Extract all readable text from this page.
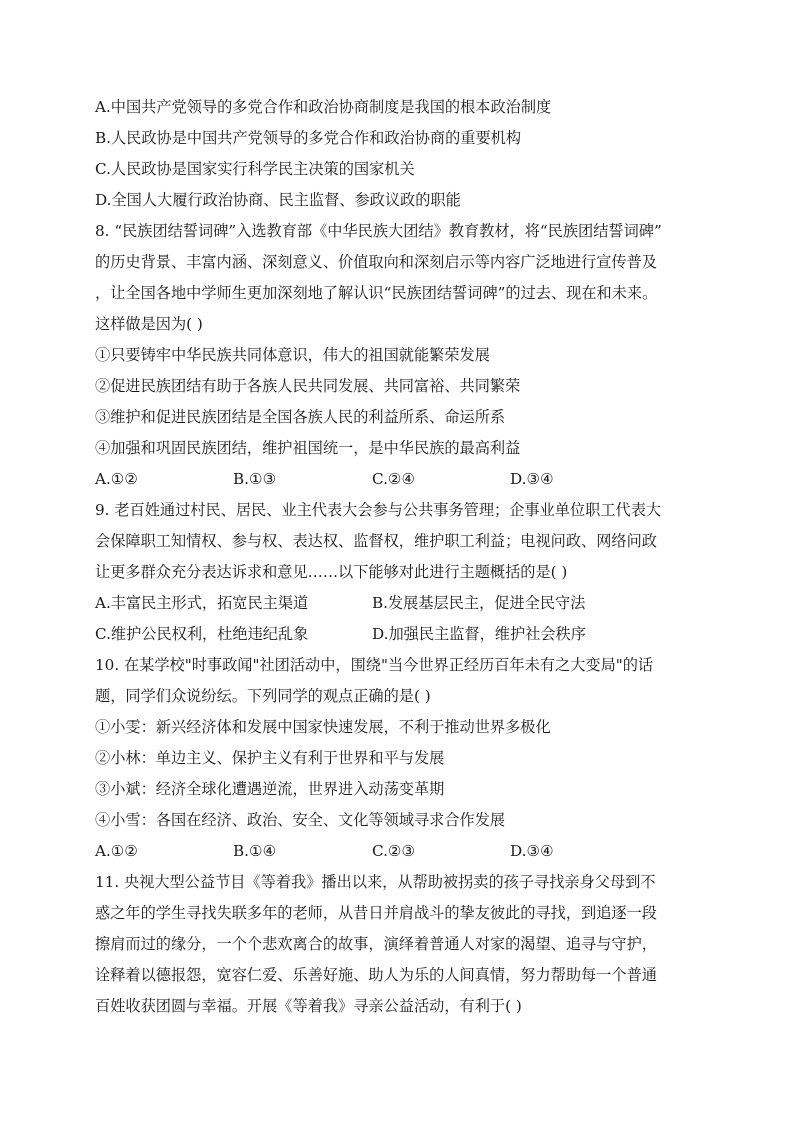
A.中国共产党领导的多党合作和政治协商制度是我国的根本政治制度
B.人民政协是中国共产党领导的多党合作和政治协商的重要机构
C.人民政协是国家实行科学民主决策的国家机关
D.全国人大履行政治协商、民主监督、参政议政的职能
8. “民族团结誓词碑”入选教育部《中华民族大团结》教育教材，将“民族团结誓词碑”
的历史背景、丰富内涵、深刻意义、价值取向和深刻启示等内容广泛地进行宣传普及
，让全国各地中学师生更加深刻地了解认识“民族团结誓词碑”的过去、现在和未来。
这样做是因为( )
①只要铸牢中华民族共同体意识，伟大的祖国就能繁荣发展
②促进民族团结有助于各族人民共同发展、共同富裕、共同繁荣
③维护和促进民族团结是全国各族人民的利益所系、命运所系
④加强和巩固民族团结，维护祖国统一，是中华民族的最高利益
A.①②	B.①③	C.②④	D.③④
9. 老百姓通过村民、居民、业主代表大会参与公共事务管理；企事业单位职工代表大
会保障职工知情权、参与权、表达权、监督权，维护职工利益；电视问政、网络问政
让更多群众充分表达诉求和意见……以下能够对此进行主题概括的是( )
A.丰富民主形式，拓宽民主渠道	B.发展基层民主，促进全民守法
C.维护公民权利，杜绝违纪乱象	D.加强民主监督，维护社会秩序
10. 在某学校"时事政闻"社团活动中，围绕"当今世界正经历百年未有之大变局"的话
题，同学们众说纷纭。下列同学的观点正确的是( )
①小雯：新兴经济体和发展中国家快速发展，不利于推动世界多极化
②小林：单边主义、保护主义有利于世界和平与发展
③小斌：经济全球化遭遇逆流，世界进入动荡变革期
④小雪：各国在经济、政治、安全、文化等领域寻求合作发展
A.①②	B.①④	C.②③	D.③④
11. 央视大型公益节目《等着我》播出以来，从帮助被拐卖的孩子寻找亲身父母到不
惑之年的学生寻找失联多年的老师，从昔日并肩战斗的挚友彼此的寻找，到追逐一段
擦肩而过的缘分，一个个悲欢离合的故事，演绎着普通人对家的渴望、追寻与守护，
诠释着以德报怨，宽容仁爱、乐善好施、助人为乐的人间真情，努力帮助每一个普通
百姓收获团圆与幸福。开展《等着我》寻亲公益活动，有利于( )
